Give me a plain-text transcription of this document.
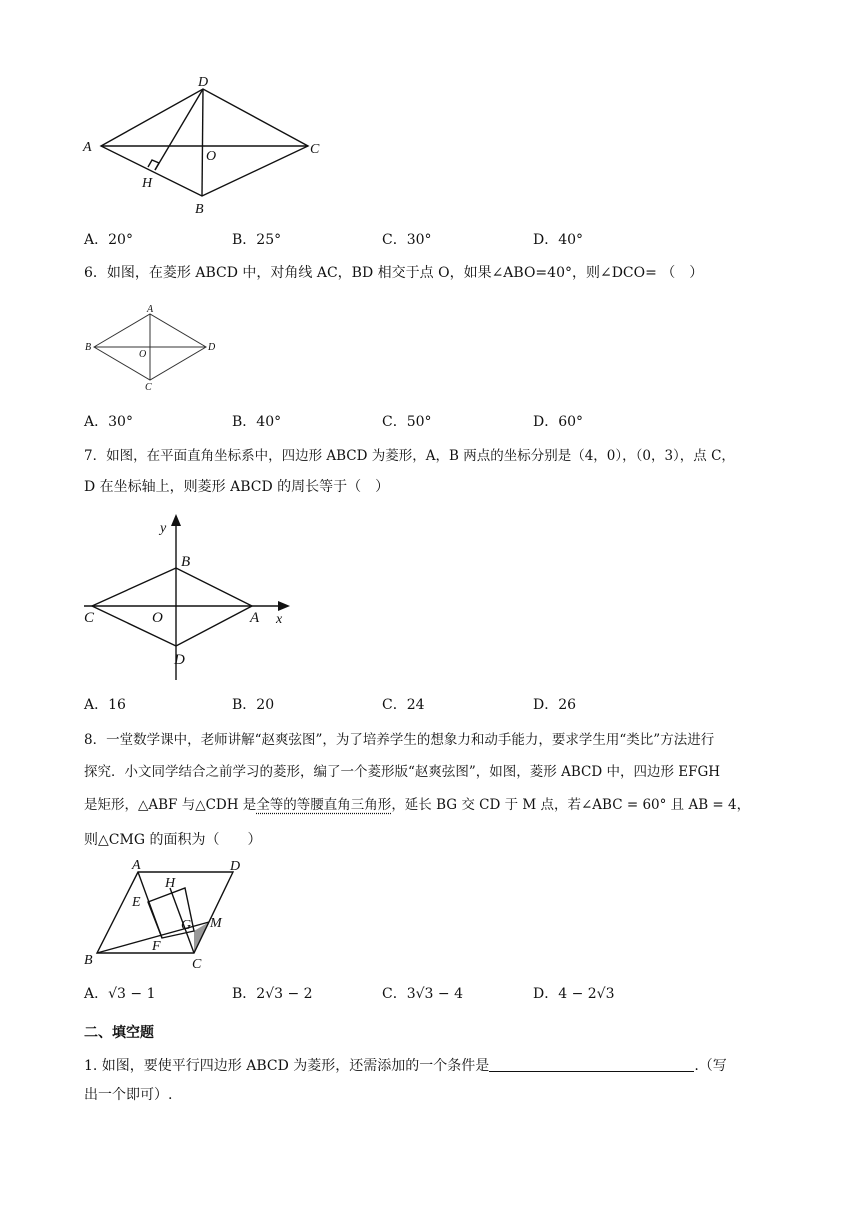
D
A
O	C
H
B
A．20°	B．25°	C．30°	D．40°
6．如图，在菱形 ABCD 中，对角线 AC，BD 相交于点 O，如果∠ABO=40°，则∠DCO= （　）
A
B
O
D
C
A．30°	B．40°	C．50°	D．60°
7．如图，在平面直角坐标系中，四边形 ABCD 为菱形，A，B 两点的坐标分别是（4，0），（0，3），点 C，
D 在坐标轴上，则菱形 ABCD 的周长等于（　）
y
B
C	O	A x
D
A．16	B．20	C．24	D．26
8．一堂数学课中，老师讲解“赵爽弦图”，为了培养学生的想象力和动手能力，要求学生用“类比”方法进行
探究．小文同学结合之前学习的菱形，编了一个菱形版“赵爽弦图”，如图，菱形 ABCD 中，四边形 EFGH
是矩形，△ABF 与△CDH 是全等的等腰直角三角形，延长 BG 交 CD 于 M 点，若∠ABC = 60° 且 AB = 4，
则△CMG 的面积为（　　）
A	D
H
E
G M
F
B	C
A．√3 − 1	B．2√3 − 2	C．3√3 − 4	D．4 − 2√3
二、填空题
1. 如图，要使平行四边形 ABCD 为菱形，还需添加的一个条件是	.（写
出一个即可）.
